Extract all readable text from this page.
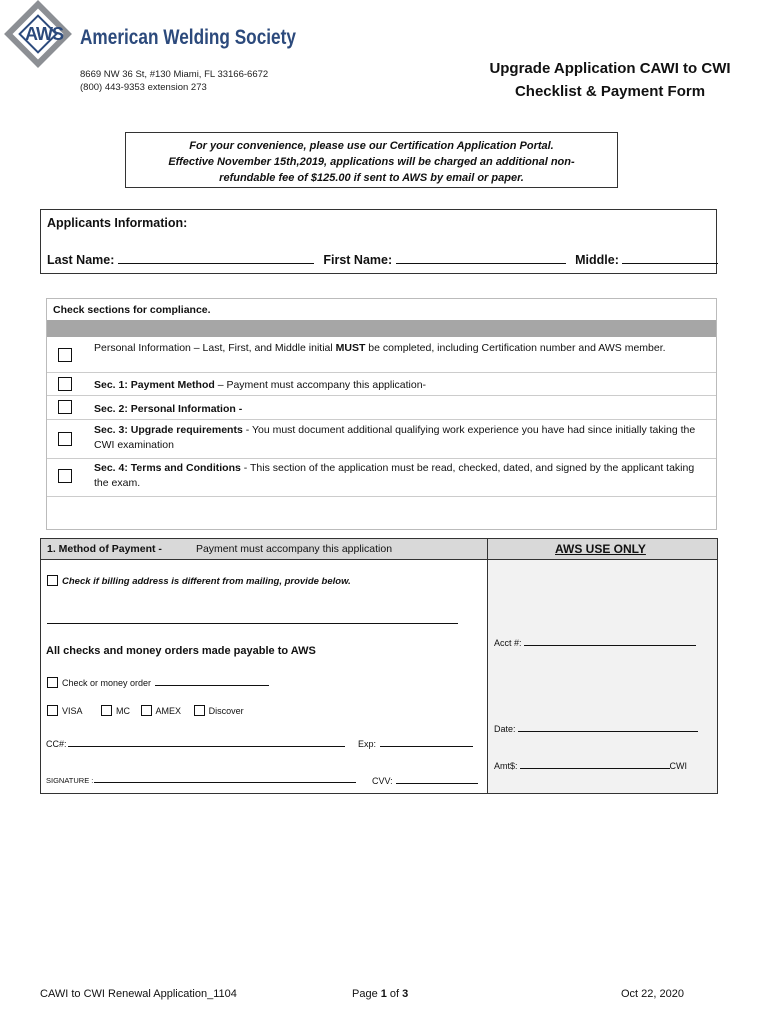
AWS American Welding Society
8669 NW 36 St, #130 Miami, FL 33166-6672
(800) 443-9353 extension 273
Upgrade Application CAWI to CWI
Checklist & Payment Form
For your convenience, please use our Certification Application Portal.
Effective November 15th,2019, applications will be charged an additional non-
refundable fee of $125.00 if sent to AWS by email or paper.
Applicants Information:
Last Name:	First Name:	Middle:
Check sections for compliance.
Personal Information – Last, First, and Middle initial MUST be completed, including Certification number and AWS member.
Sec. 1: Payment Method – Payment must accompany this application-
Sec. 2: Personal Information -
Sec. 3: Upgrade requirements - You must document additional qualifying work experience you have had since initially taking the CWI examination
Sec. 4: Terms and Conditions - This section of the application must be read, checked, dated, and signed by the applicant taking the exam.
1. Method of Payment -	Payment must accompany this application	AWS USE ONLY
Acct #:
Date:
Amt$:	CWI
Check if billing address is different from mailing, provide below.
All checks and money orders made payable to AWS
Check or money order
VISA	MC	AMEX	Discover
CC#:	Exp:
SIGNATURE :	CVV:
CAWI to CWI Renewal Application_1104	Page 1 of 3	Oct 22, 2020
